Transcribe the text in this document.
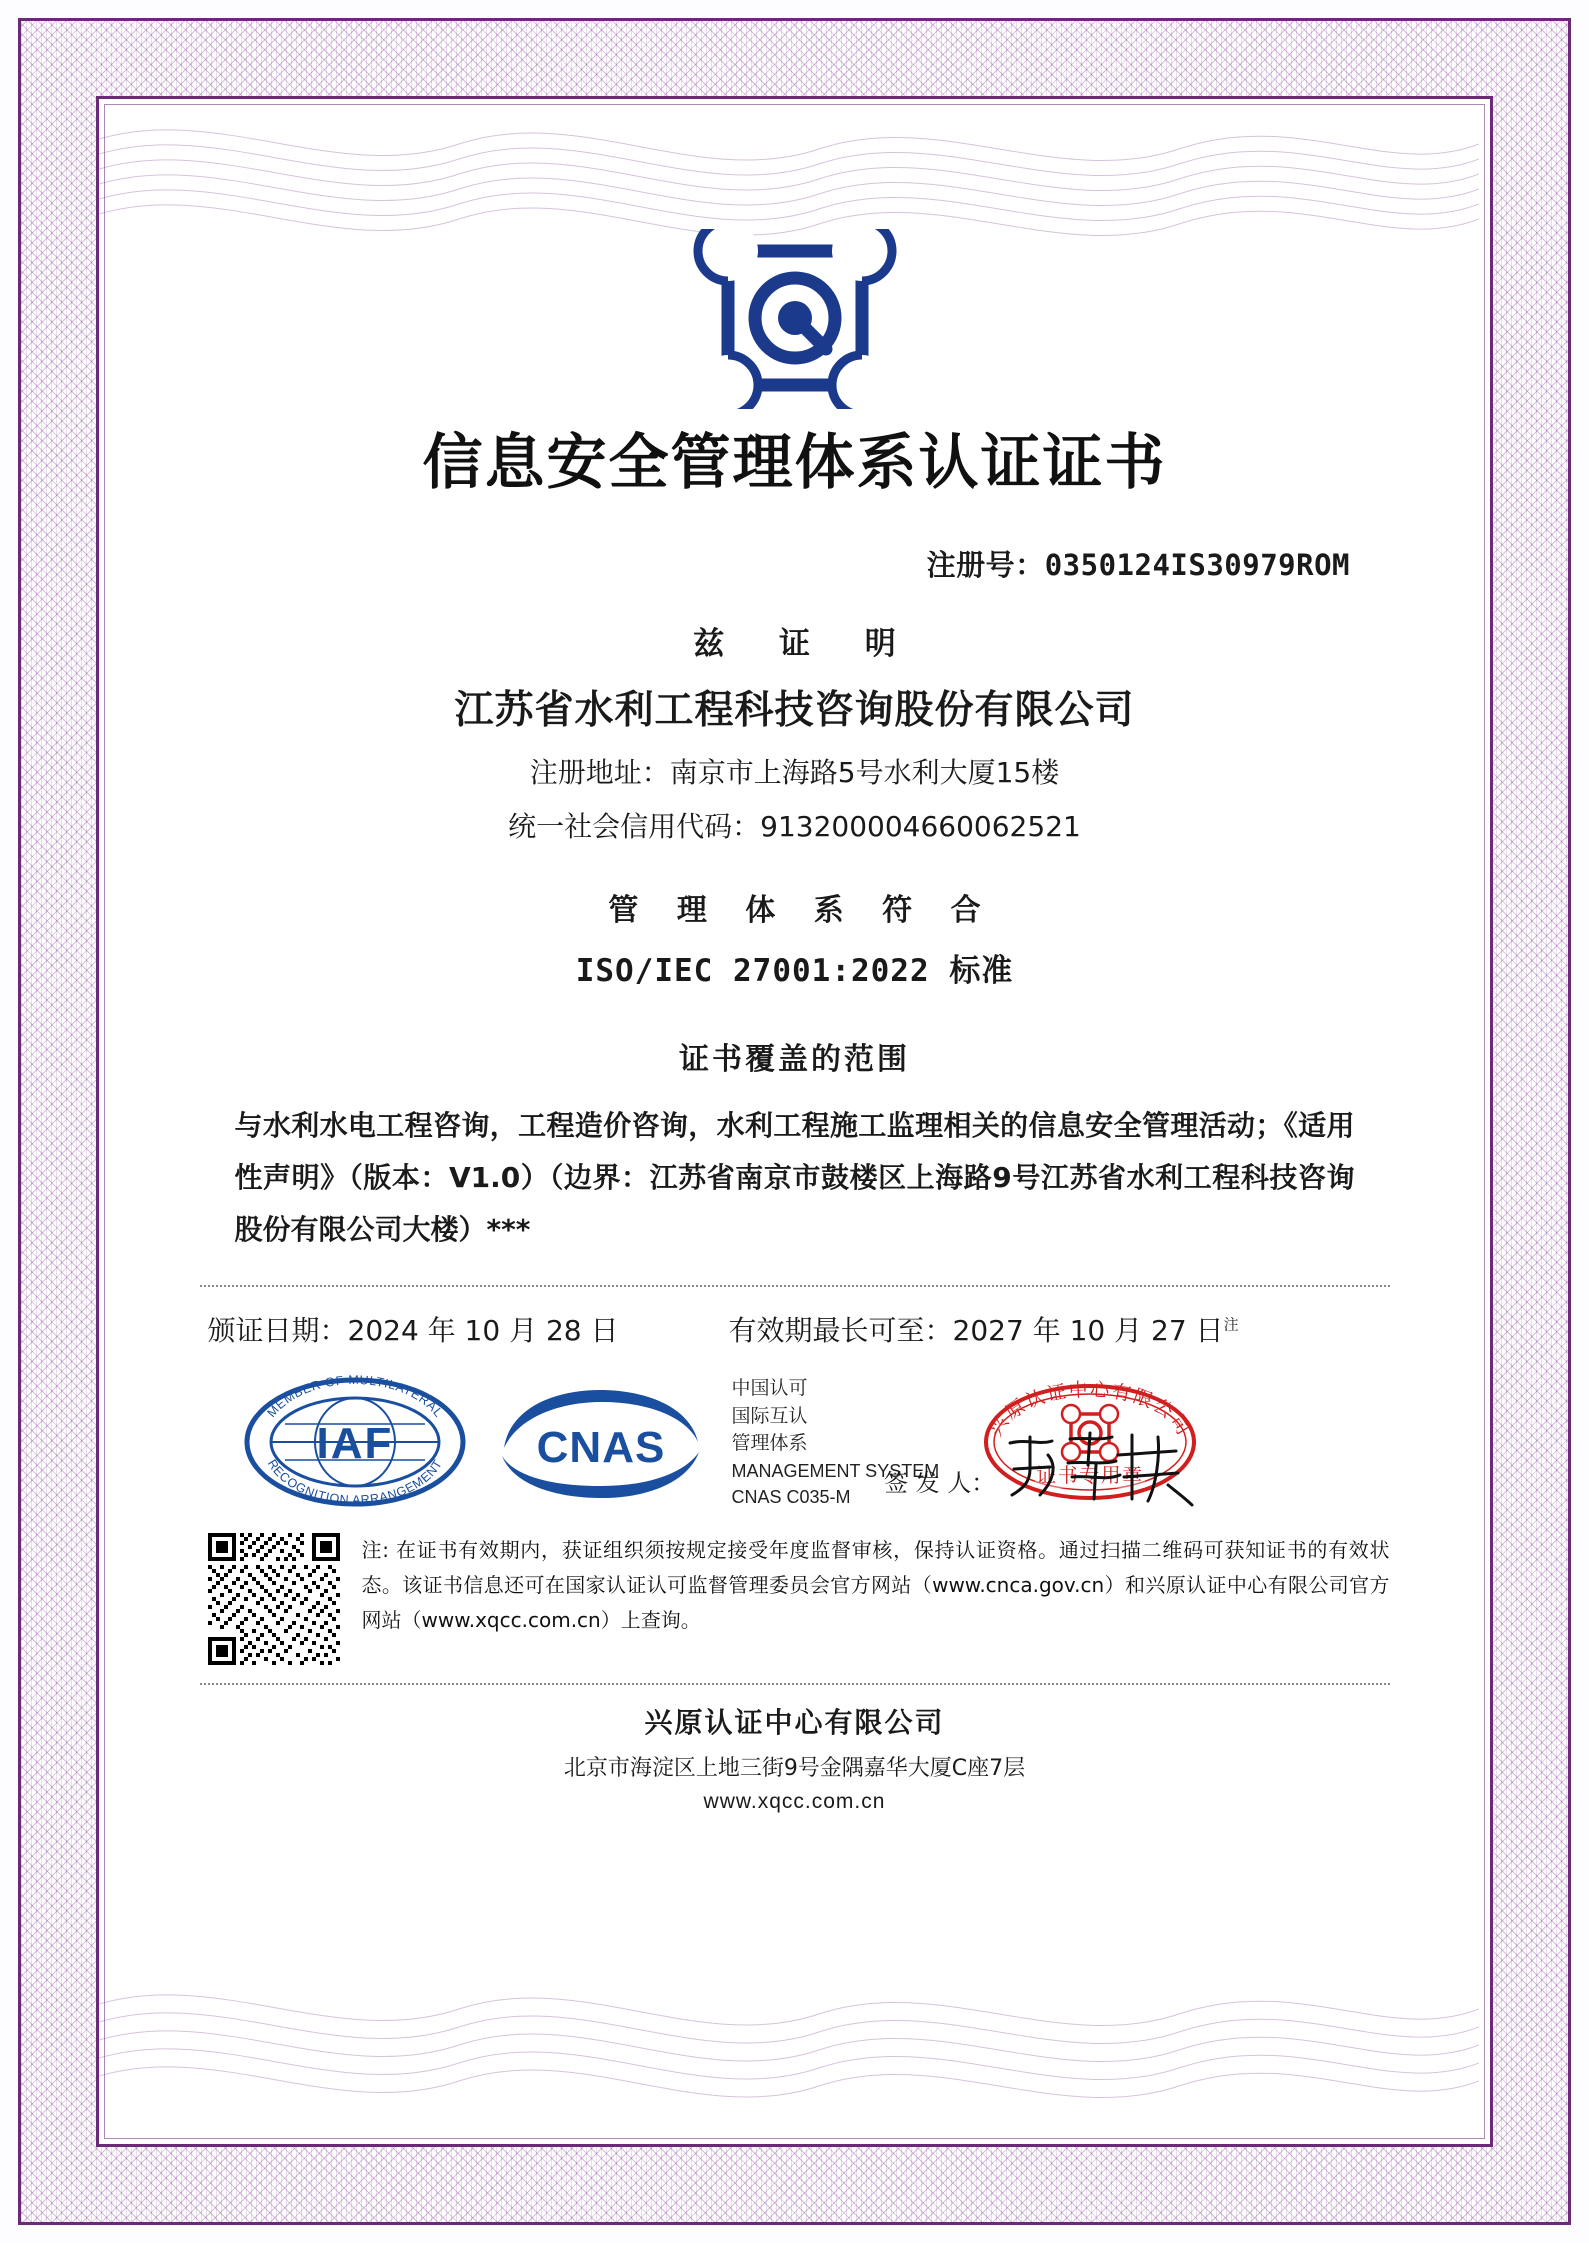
信息安全管理体系认证证书
注册号：0350124IS30979ROM
兹 证 明
江苏省水利工程科技咨询股份有限公司
注册地址：南京市上海路5号水利大厦15楼
统一社会信用代码：913200004660062521
管 理 体 系 符 合
ISO/IEC 27001:2022 标准
证书覆盖的范围
与水利水电工程咨询，工程造价咨询，水利工程施工监理相关的信息安全管理活动；《适用性声明》（版本：V1.0）（边界：江苏省南京市鼓楼区上海路9号江苏省水利工程科技咨询股份有限公司大楼）***
颁证日期：2024 年 10 月 28 日	有效期最长可至：2027 年 10 月 27 日$^注$
IAF
MEMBER OF MULTILATERAL
RECOGNITION ARRANGEMENT CNAS
中国认可
国际互认
管理体系
MANAGEMENT SYSTEM
CNAS C035-M
兴原认证中心有限公司
证书专用章
签 发 人：
注: 在证书有效期内，获证组织须按规定接受年度监督审核，保持认证资格。通过扫描二维码可获知证书的有效状态。该证书信息还可在国家认证认可监督管理委员会官方网站（www.cnca.gov.cn）和兴原认证中心有限公司官方网站（www.xqcc.com.cn）上查询。
兴原认证中心有限公司
北京市海淀区上地三街9号金隅嘉华大厦C座7层
www.xqcc.com.cn
